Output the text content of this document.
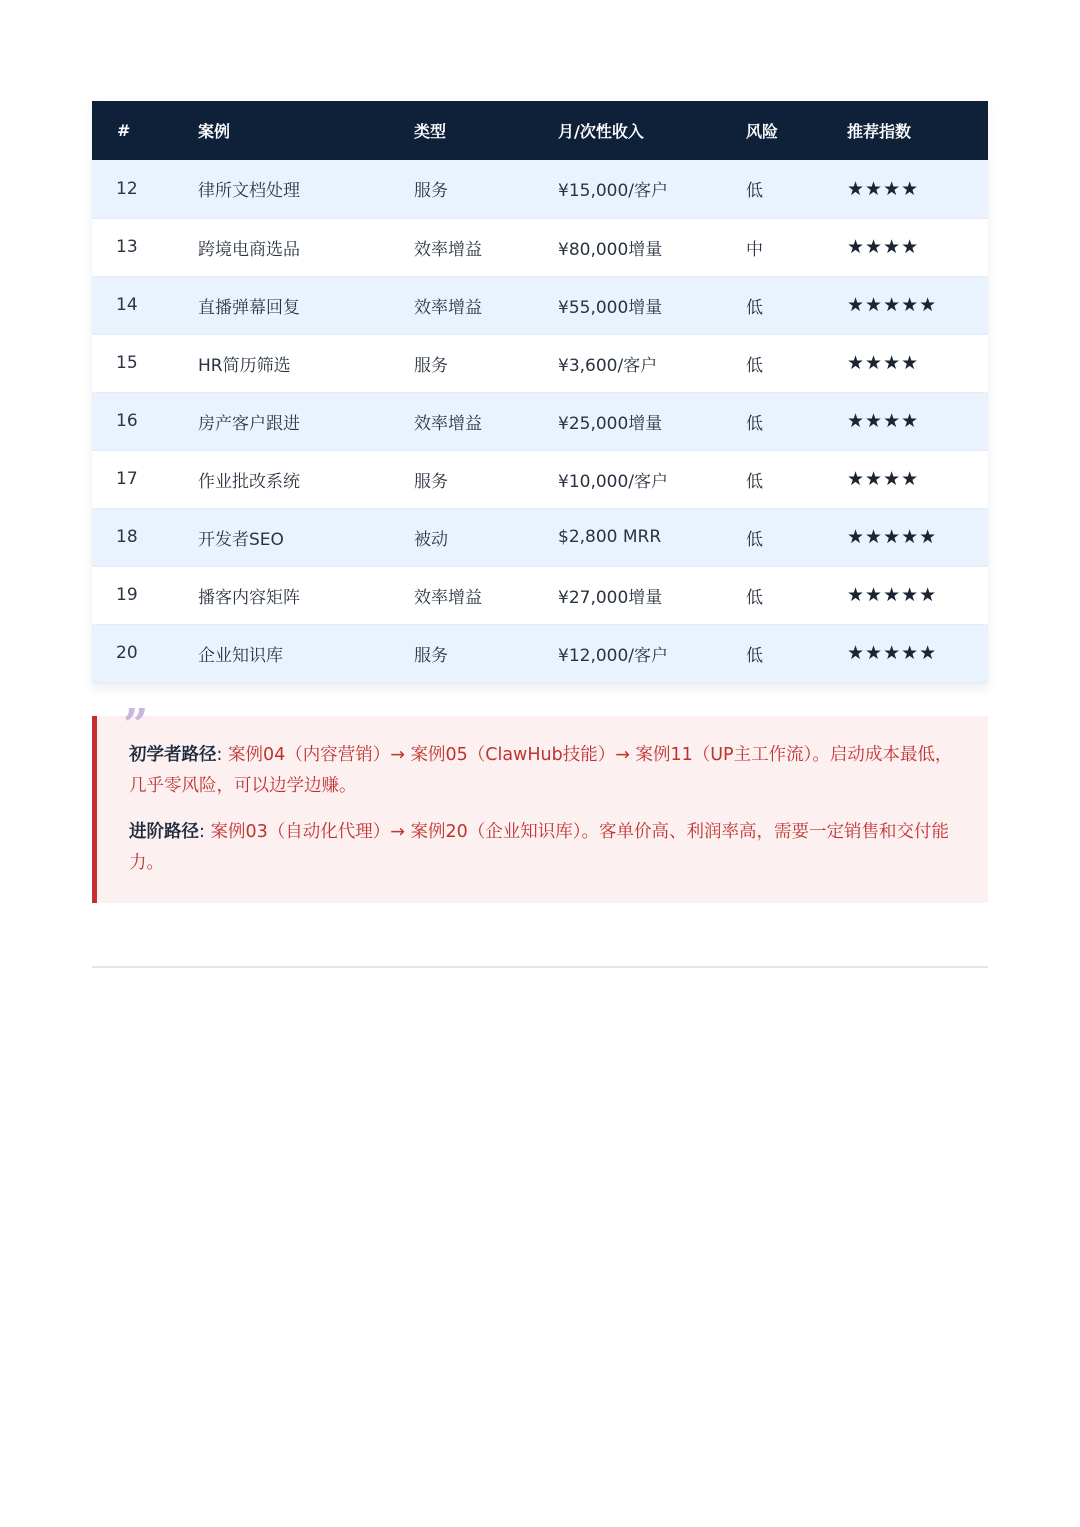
#	案例	类型	月/次性收入	风险	推荐指数
12	律所文档处理	服务	¥15,000/客户	低	★★★★
13	跨境电商选品	效率增益	¥80,000增量	中	★★★★
14	直播弹幕回复	效率增益	¥55,000增量	低	★★★★★
15	HR简历筛选	服务	¥3,600/客户	低	★★★★
16	房产客户跟进	效率增益	¥25,000增量	低	★★★★
17	作业批改系统	服务	¥10,000/客户	低	★★★★
18	开发者SEO	被动	$2,800 MRR	低	★★★★★
19	播客内容矩阵	效率增益	¥27,000增量	低	★★★★★
20	企业知识库	服务	¥12,000/客户	低	★★★★★
”

初学者路径: 案例04（内容营销）→ 案例05（ClawHub技能）→ 案例11（UP主工作流）。启动成本最低，几乎零风险，可以边学边赚。

进阶路径: 案例03（自动化代理）→ 案例20（企业知识库）。客单价高、利润率高，需要一定销售和交付能力。
